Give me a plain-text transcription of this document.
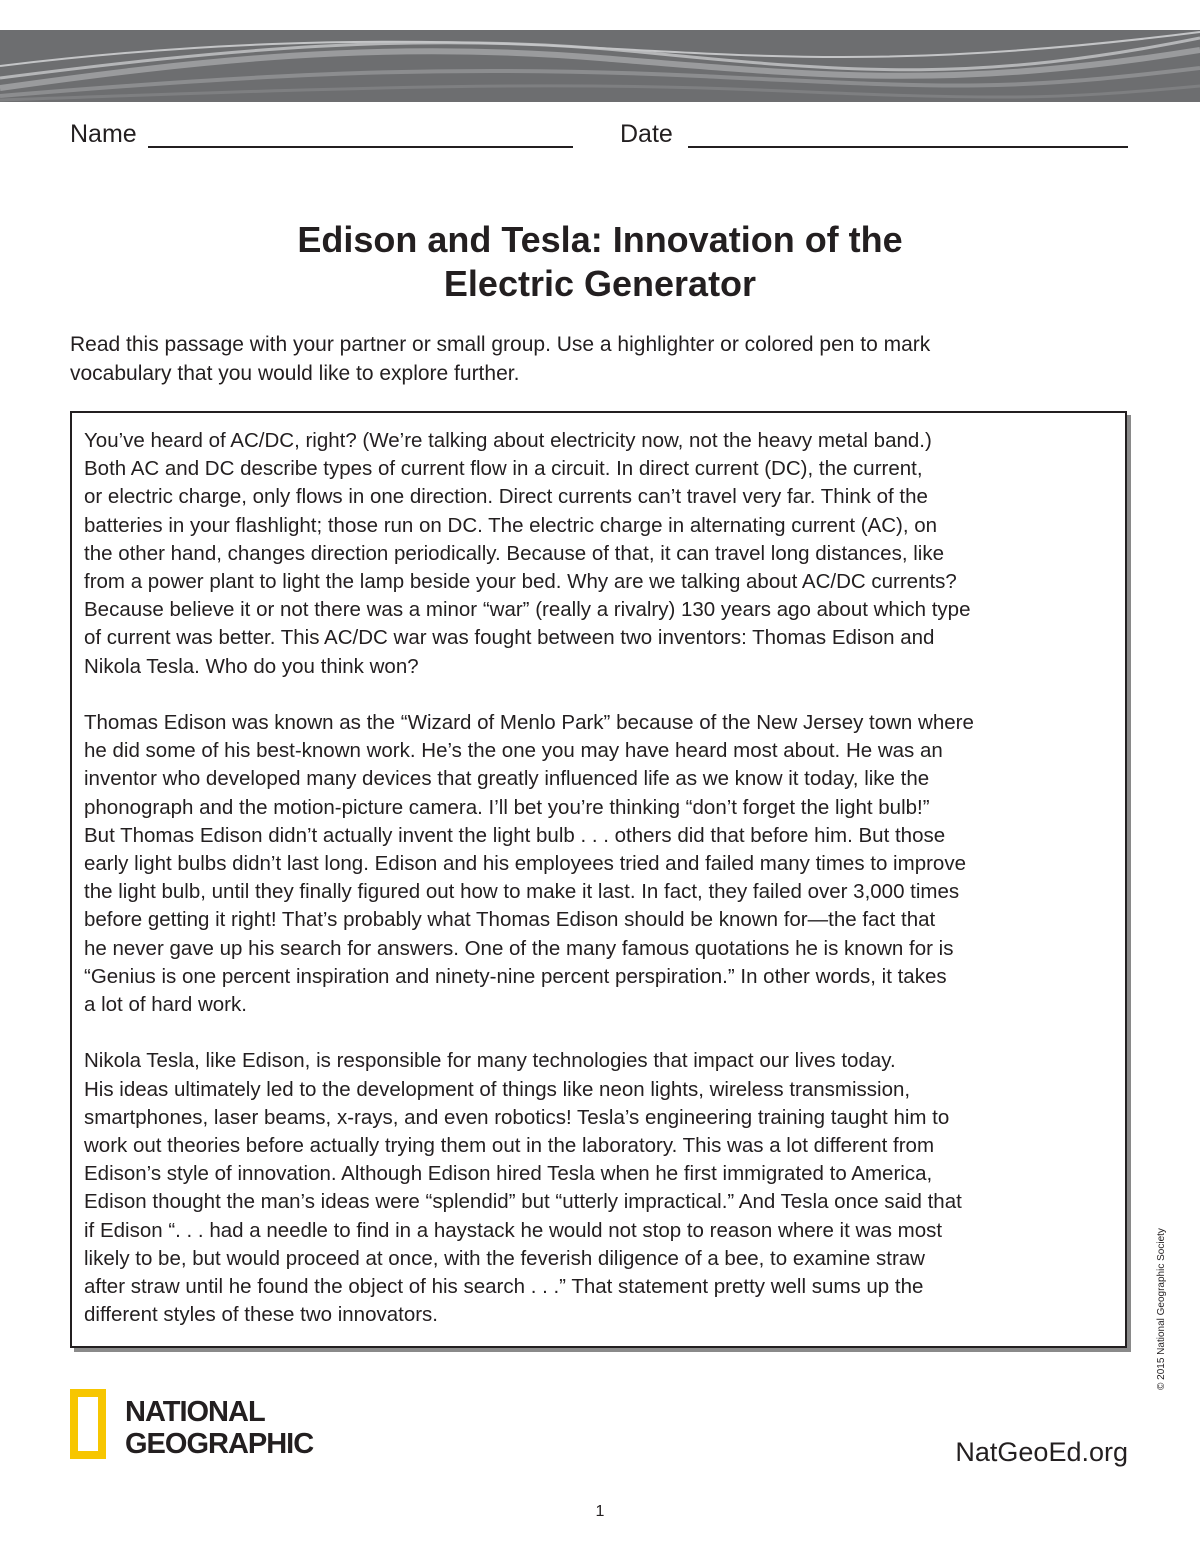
Name	Date
Edison and Tesla: Innovation of the
Electric Generator
Read this passage with your partner or small group. Use a highlighter or colored pen to mark
vocabulary that you would like to explore further.
You’ve heard of AC/DC, right? (We’re talking about electricity now, not the heavy metal band.)
Both AC and DC describe types of current flow in a circuit. In direct current (DC), the current,
or electric charge, only flows in one direction. Direct currents can’t travel very far. Think of the
batteries in your flashlight; those run on DC. The electric charge in alternating current (AC), on
the other hand, changes direction periodically. Because of that, it can travel long distances, like
from a power plant to light the lamp beside your bed. Why are we talking about AC/DC currents?
Because believe it or not there was a minor “war” (really a rivalry) 130 years ago about which type
of current was better. This AC/DC war was fought between two inventors: Thomas Edison and
Nikola Tesla. Who do you think won?
Thomas Edison was known as the “Wizard of Menlo Park” because of the New Jersey town where
he did some of his best-known work. He’s the one you may have heard most about. He was an
inventor who developed many devices that greatly influenced life as we know it today, like the
phonograph and the motion-picture camera. I’ll bet you’re thinking “don’t forget the light bulb!”
But Thomas Edison didn’t actually invent the light bulb . . . others did that before him. But those
early light bulbs didn’t last long. Edison and his employees tried and failed many times to improve
the light bulb, until they finally figured out how to make it last. In fact, they failed over 3,000 times
before getting it right! That’s probably what Thomas Edison should be known for—the fact that
he never gave up his search for answers. One of the many famous quotations he is known for is
“Genius is one percent inspiration and ninety-nine percent perspiration.” In other words, it takes
a lot of hard work.
Nikola Tesla, like Edison, is responsible for many technologies that impact our lives today.
His ideas ultimately led to the development of things like neon lights, wireless transmission,
smartphones, laser beams, x-rays, and even robotics! Tesla’s engineering training taught him to
work out theories before actually trying them out in the laboratory. This was a lot different from
Edison’s style of innovation. Although Edison hired Tesla when he first immigrated to America,
Edison thought the man’s ideas were “splendid” but “utterly impractical.” And Tesla once said that
if Edison “. . . had a needle to find in a haystack he would not stop to reason where it was most
likely to be, but would proceed at once, with the feverish diligence of a bee, to examine straw
after straw until he found the object of his search . . .” That statement pretty well sums up the
different styles of these two innovators.	© 2015 National Geographic Society
NATIONAL
GEOGRAPHIC	NatGeoEd.org
1
